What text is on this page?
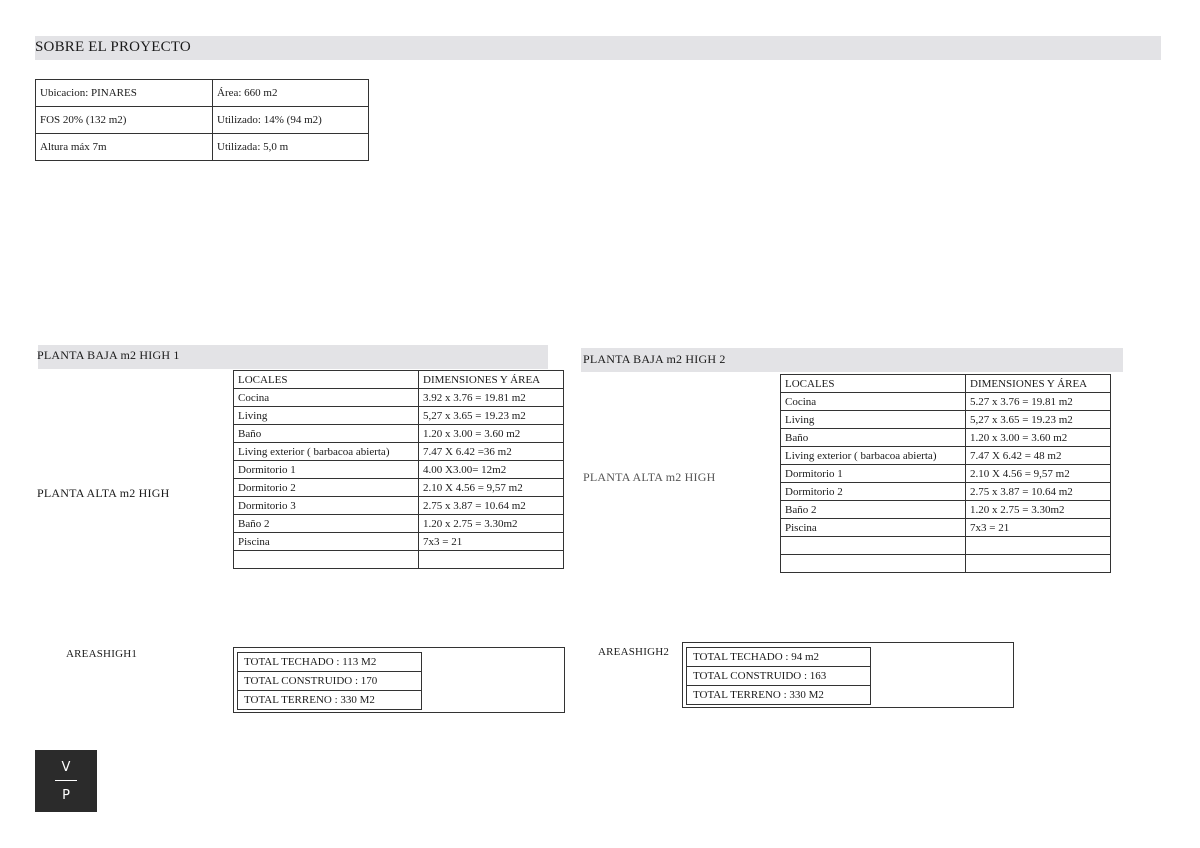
SOBRE EL PROYECTO
Ubicacion: PINARES	Área: 660 m2
FOS 20% (132 m2)	Utilizado: 14% (94 m2)
Altura máx 7m	Utilizada: 5,0 m
PLANTA BAJA m2 HIGH 1
PLANTA ALTA m2 HIGH
LOCALES	DIMENSIONES Y ÁREA
Cocina	3.92 x 3.76 = 19.81 m2
Living	5,27 x 3.65 = 19.23 m2
Baño	1.20 x 3.00 = 3.60 m2
Living exterior ( barbacoa abierta)	7.47 X 6.42 =36 m2
Dormitorio 1	4.00 X3.00= 12m2
Dormitorio 2	2.10 X 4.56 = 9,57 m2
Dormitorio 3	2.75 x 3.87 = 10.64 m2
Baño 2	1.20 x 2.75 = 3.30m2
Piscina	7x3 = 21

PLANTA BAJA m2 HIGH 2
PLANTA ALTA m2 HIGH
LOCALES	DIMENSIONES Y ÁREA
Cocina	5.27 x 3.76 = 19.81 m2
Living	5,27 x 3.65 = 19.23 m2
Baño	1.20 x 3.00 = 3.60 m2
Living exterior ( barbacoa abierta)	7.47 X 6.42 = 48 m2
Dormitorio 1	2.10 X 4.56 = 9,57 m2
Dormitorio 2	2.75 x 3.87 = 10.64 m2
Baño 2	1.20 x 2.75 = 3.30m2
Piscina	7x3 = 21

AREASHIGH1
TOTAL TECHADO : 113 M2
TOTAL CONSTRUIDO : 170
TOTAL TERRENO : 330 M2
AREASHIGH2	TOTAL TECHADO : 94 m2
TOTAL CONSTRUIDO : 163
TOTAL TERRENO : 330 M2
V
P
